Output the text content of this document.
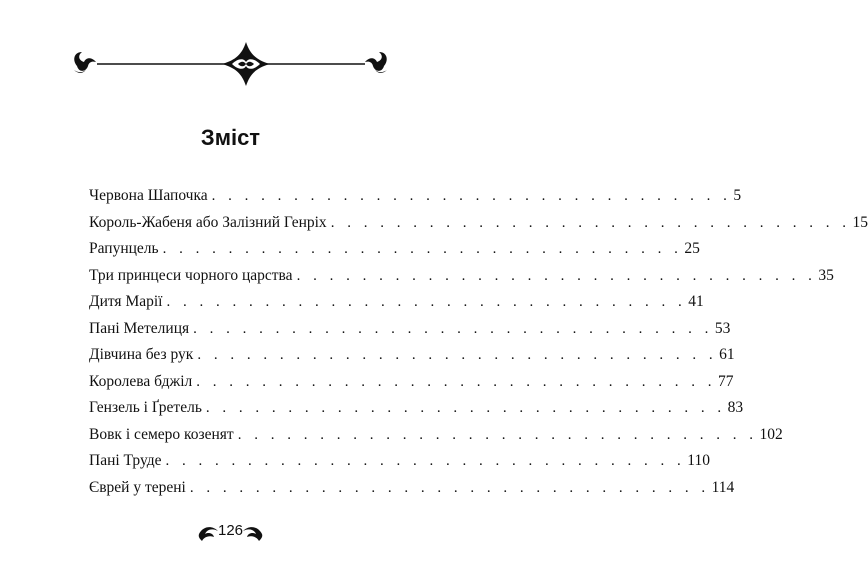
Зміст
Червона Шапочка . . . . . . . . . . . . . . . . . . . . . . . . . . . . . . . . 5
Король-Жабеня або Залізний Генріх . . . . . . . . . . . . . . . . . . . . . . . . . . . . . . . . 15
Рапунцель . . . . . . . . . . . . . . . . . . . . . . . . . . . . . . . . 25
Три принцеси чорного царства . . . . . . . . . . . . . . . . . . . . . . . . . . . . . . . . 35
Дитя Марії . . . . . . . . . . . . . . . . . . . . . . . . . . . . . . . . 41
Пані Метелиця . . . . . . . . . . . . . . . . . . . . . . . . . . . . . . . . 53
Дівчина без рук . . . . . . . . . . . . . . . . . . . . . . . . . . . . . . . . 61
Королева бджіл . . . . . . . . . . . . . . . . . . . . . . . . . . . . . . . . 77
Гензель і Ґретель . . . . . . . . . . . . . . . . . . . . . . . . . . . . . . . . 83
Вовк і семеро козенят . . . . . . . . . . . . . . . . . . . . . . . . . . . . . . . . 102
Пані Труде . . . . . . . . . . . . . . . . . . . . . . . . . . . . . . . . 110
Єврей у терені . . . . . . . . . . . . . . . . . . . . . . . . . . . . . . . . 114
126
